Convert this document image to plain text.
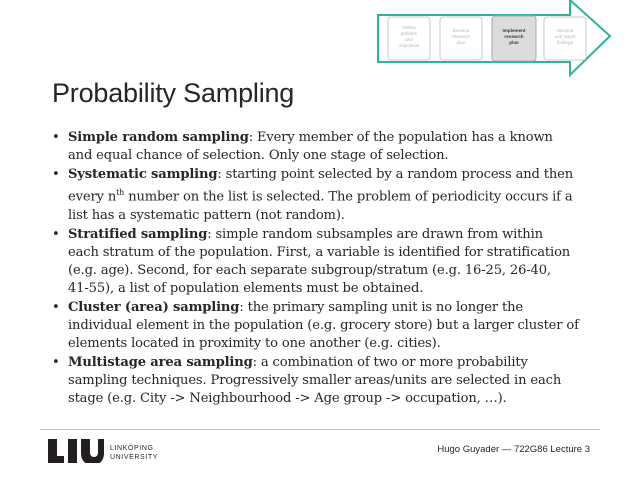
Define
problem
and
objectives
Develop
research
plan
Implement
research
plan
Interpret
and report
findings
Probability Sampling
• Simple random sampling: Every member of the population has a known
and equal chance of selection. Only one stage of selection.
• Systematic sampling: starting point selected by a random process and then
every $n^{th}$ number on the list is selected. The problem of periodicity occurs if a
list has a systematic pattern (not random).
• Stratified sampling: simple random subsamples are drawn from within
each stratum of the population. First, a variable is identified for stratification
(e.g. age). Second, for each separate subgroup/stratum (e.g. 16-25, 26-40,
41-55), a list of population elements must be obtained.
• Cluster (area) sampling: the primary sampling unit is no longer the
individual element in the population (e.g. grocery store) but a larger cluster of
elements located in proximity to one another (e.g. cities).
• Multistage area sampling: a combination of two or more probability
sampling techniques. Progressively smaller areas/units are selected in each
stage (e.g. City -> Neighbourhood -> Age group -> occupation, …).
LINKÖPING
UNIVERSITY
Hugo Guyader — 722G86 Lecture 3
